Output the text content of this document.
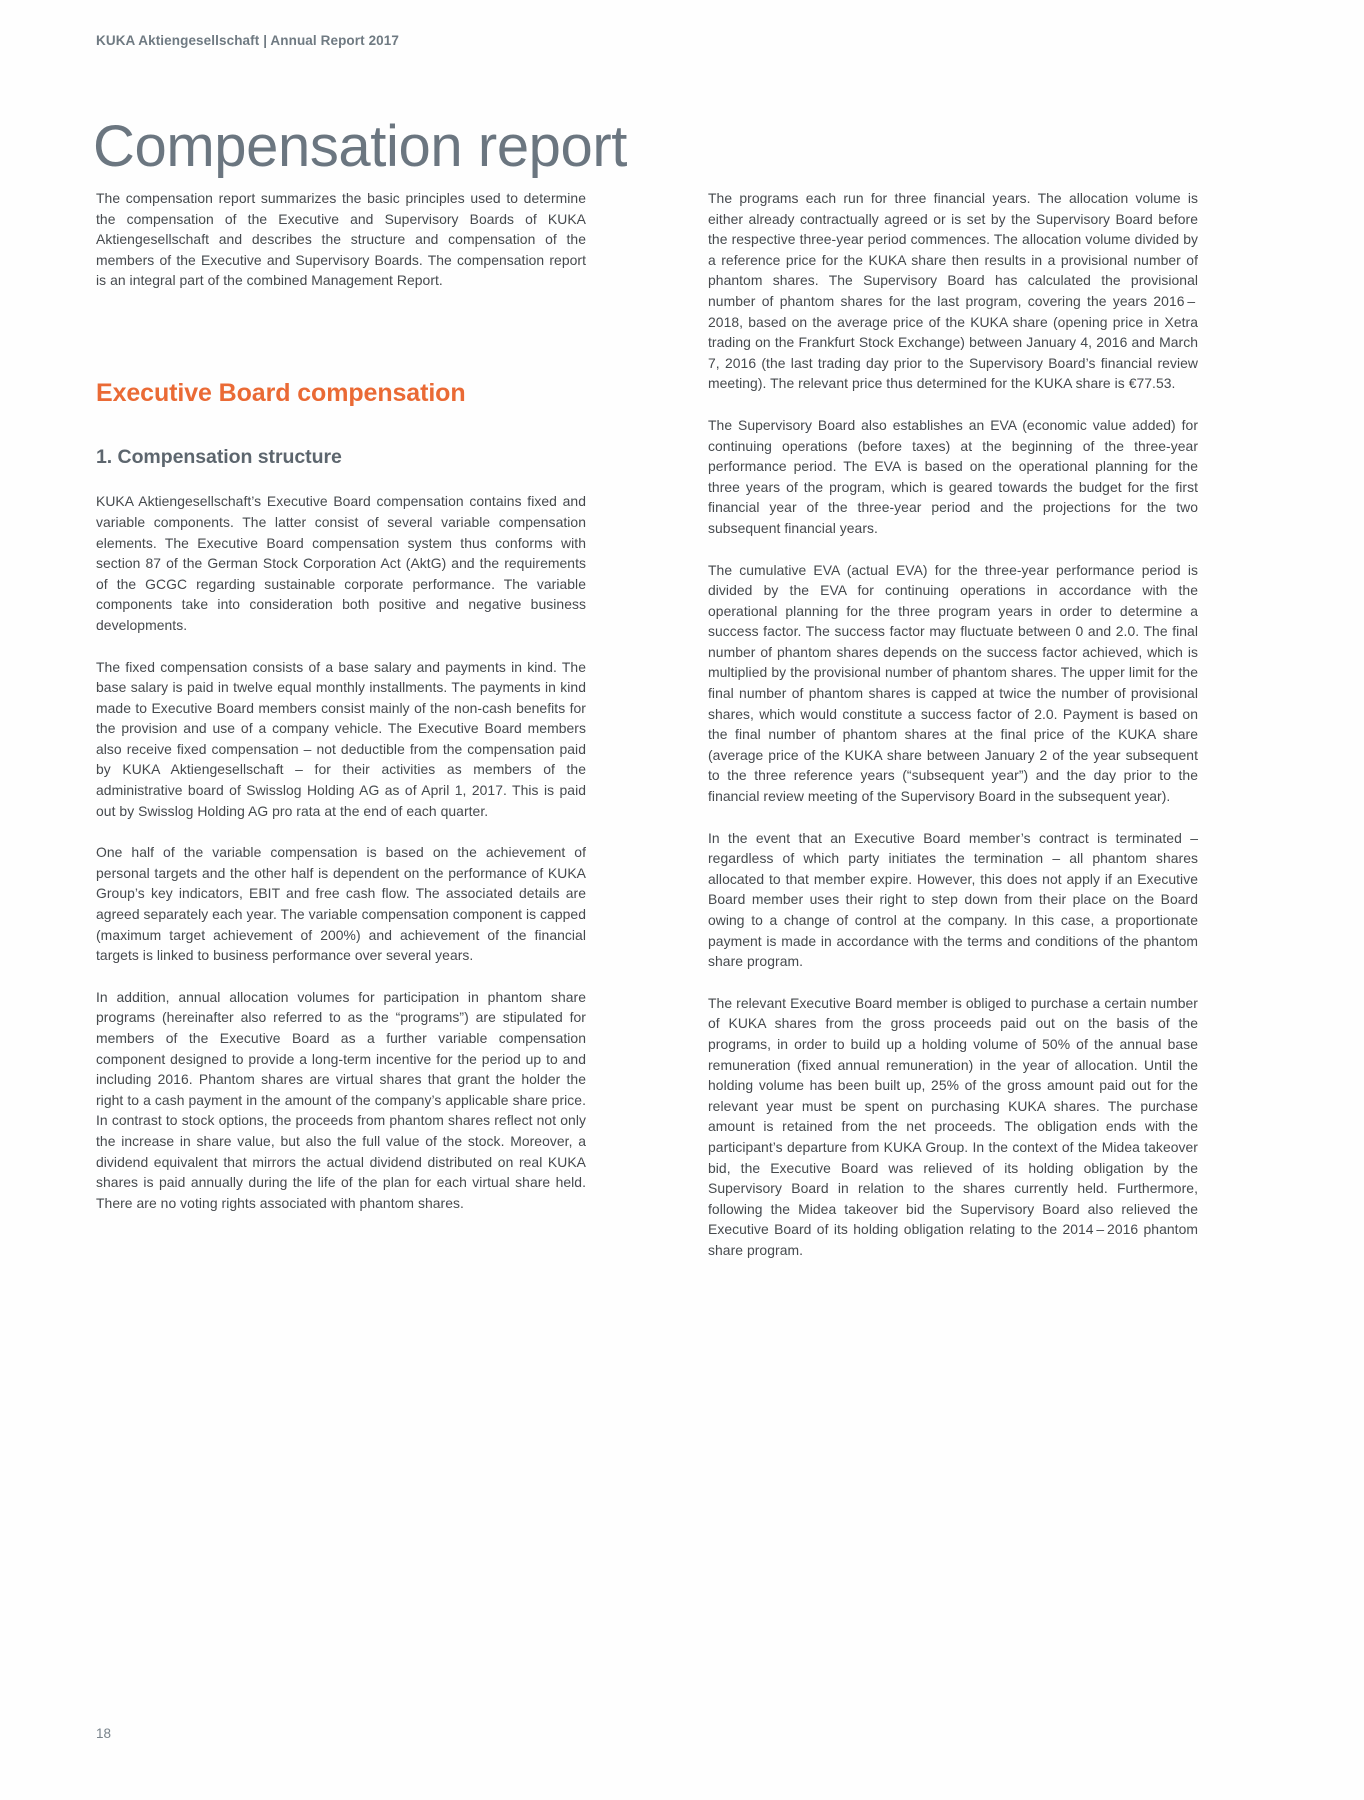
KUKA Aktiengesellschaft | Annual Report 2017
Compensation report

The compensation report summarizes the basic principles used to determine the compensation of the Executive and Supervisory Boards of KUKA Aktiengesellschaft and describes the structure and compensation of the members of the Executive and Supervisory Boards. The compensation report is an integral part of the combined Management Report.

Executive Board compensation
1. Compensation structure

KUKA Aktiengesellschaft’s Executive Board compensation contains fixed and variable components. The latter consist of several variable compensation elements. The Executive Board compensation system thus conforms with section 87 of the German Stock Corporation Act (AktG) and the requirements of the GCGC regarding sustainable corporate performance. The variable components take into consideration both positive and negative business developments.

The fixed compensation consists of a base salary and payments in kind. The base salary is paid in twelve equal monthly installments. The payments in kind made to Executive Board members consist mainly of the non-cash benefits for the provision and use of a company vehicle. The Executive Board members also receive fixed compensation – not deductible from the compensation paid by KUKA Aktiengesellschaft – for their activities as members of the administrative board of Swisslog Holding AG as of April 1, 2017. This is paid out by Swisslog Holding AG pro rata at the end of each quarter.

One half of the variable compensation is based on the achievement of personal targets and the other half is dependent on the performance of KUKA Group’s key indicators, EBIT and free cash flow. The associated details are agreed separately each year. The variable compensation component is capped (maximum target achievement of 200%) and achievement of the financial targets is linked to business performance over several years.

In addition, annual allocation volumes for participation in phantom share programs (hereinafter also referred to as the “programs”) are stipulated for members of the Executive Board as a further variable compensation component designed to provide a long-term incentive for the period up to and including 2016. Phantom shares are virtual shares that grant the holder the right to a cash payment in the amount of the company’s applicable share price. In contrast to stock options, the proceeds from phantom shares reflect not only the increase in share value, but also the full value of the stock. Moreover, a dividend equivalent that mirrors the actual dividend distributed on real KUKA shares is paid annually during the life of the plan for each virtual share held. There are no voting rights associated with phantom shares.

The programs each run for three financial years. The allocation volume is either already contractually agreed or is set by the Supervisory Board before the respective three-year period commences. The allocation volume divided by a reference price for the KUKA share then results in a provisional number of phantom shares. The Supervisory Board has calculated the provisional number of phantom shares for the last program, covering the years 2016 – 2018, based on the average price of the KUKA share (opening price in Xetra trading on the Frankfurt Stock Exchange) between January 4, 2016 and March 7, 2016 (the last trading day prior to the Supervisory Board’s financial review meeting). The relevant price thus determined for the KUKA share is €77.53.

The Supervisory Board also establishes an EVA (economic value added) for continuing operations (before taxes) at the beginning of the three-year performance period. The EVA is based on the operational planning for the three years of the program, which is geared towards the budget for the first financial year of the three-year period and the projections for the two subsequent financial years.

The cumulative EVA (actual EVA) for the three-year performance period is divided by the EVA for continuing operations in accordance with the operational planning for the three program years in order to determine a success factor. The success factor may fluctuate between 0 and 2.0. The final number of phantom shares depends on the success factor achieved, which is multiplied by the provisional number of phantom shares. The upper limit for the final number of phantom shares is capped at twice the number of provisional shares, which would constitute a success factor of 2.0. Payment is based on the final number of phantom shares at the final price of the KUKA share (average price of the KUKA share between January 2 of the year subsequent to the three reference years (“subsequent year”) and the day prior to the financial review meeting of the Supervisory Board in the subsequent year).

In the event that an Executive Board member’s contract is terminated – regardless of which party initiates the termination – all phantom shares allocated to that member expire. However, this does not apply if an Executive Board member uses their right to step down from their place on the Board owing to a change of control at the company. In this case, a proportionate payment is made in accordance with the terms and conditions of the phantom share program.

The relevant Executive Board member is obliged to purchase a certain number of KUKA shares from the gross proceeds paid out on the basis of the programs, in order to build up a holding volume of 50% of the annual base remuneration (fixed annual remuneration) in the year of allocation. Until the holding volume has been built up, 25% of the gross amount paid out for the relevant year must be spent on purchasing KUKA shares. The purchase amount is retained from the net proceeds. The obligation ends with the participant’s departure from KUKA Group. In the context of the Midea takeover bid, the Executive Board was relieved of its holding obligation by the Supervisory Board in relation to the shares currently held. Furthermore, following the Midea takeover bid the Supervisory Board also relieved the Executive Board of its holding obligation relating to the 2014 – 2016 phantom share program.

18
